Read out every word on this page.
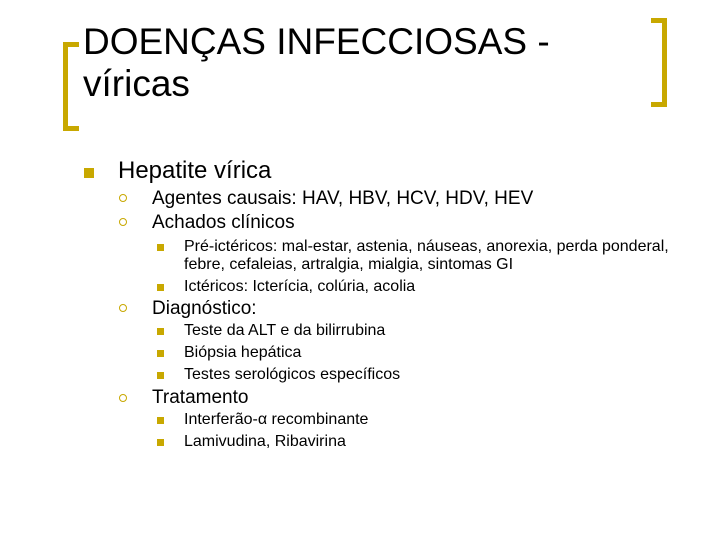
DOENÇAS INFECCIOSAS -
víricas
Hepatite vírica
Agentes causais: HAV, HBV, HCV, HDV, HEV
Achados clínicos
Pré-ictéricos: mal-estar, astenia, náuseas, anorexia, perda ponderal, febre, cefaleias, artralgia, mialgia, sintomas GI
Ictéricos: Icterícia, colúria, acolia
Diagnóstico:
Teste da ALT e da bilirrubina
Biópsia hepática
Testes serológicos específicos
Tratamento
Interferão-α recombinante
Lamivudina, Ribavirina
